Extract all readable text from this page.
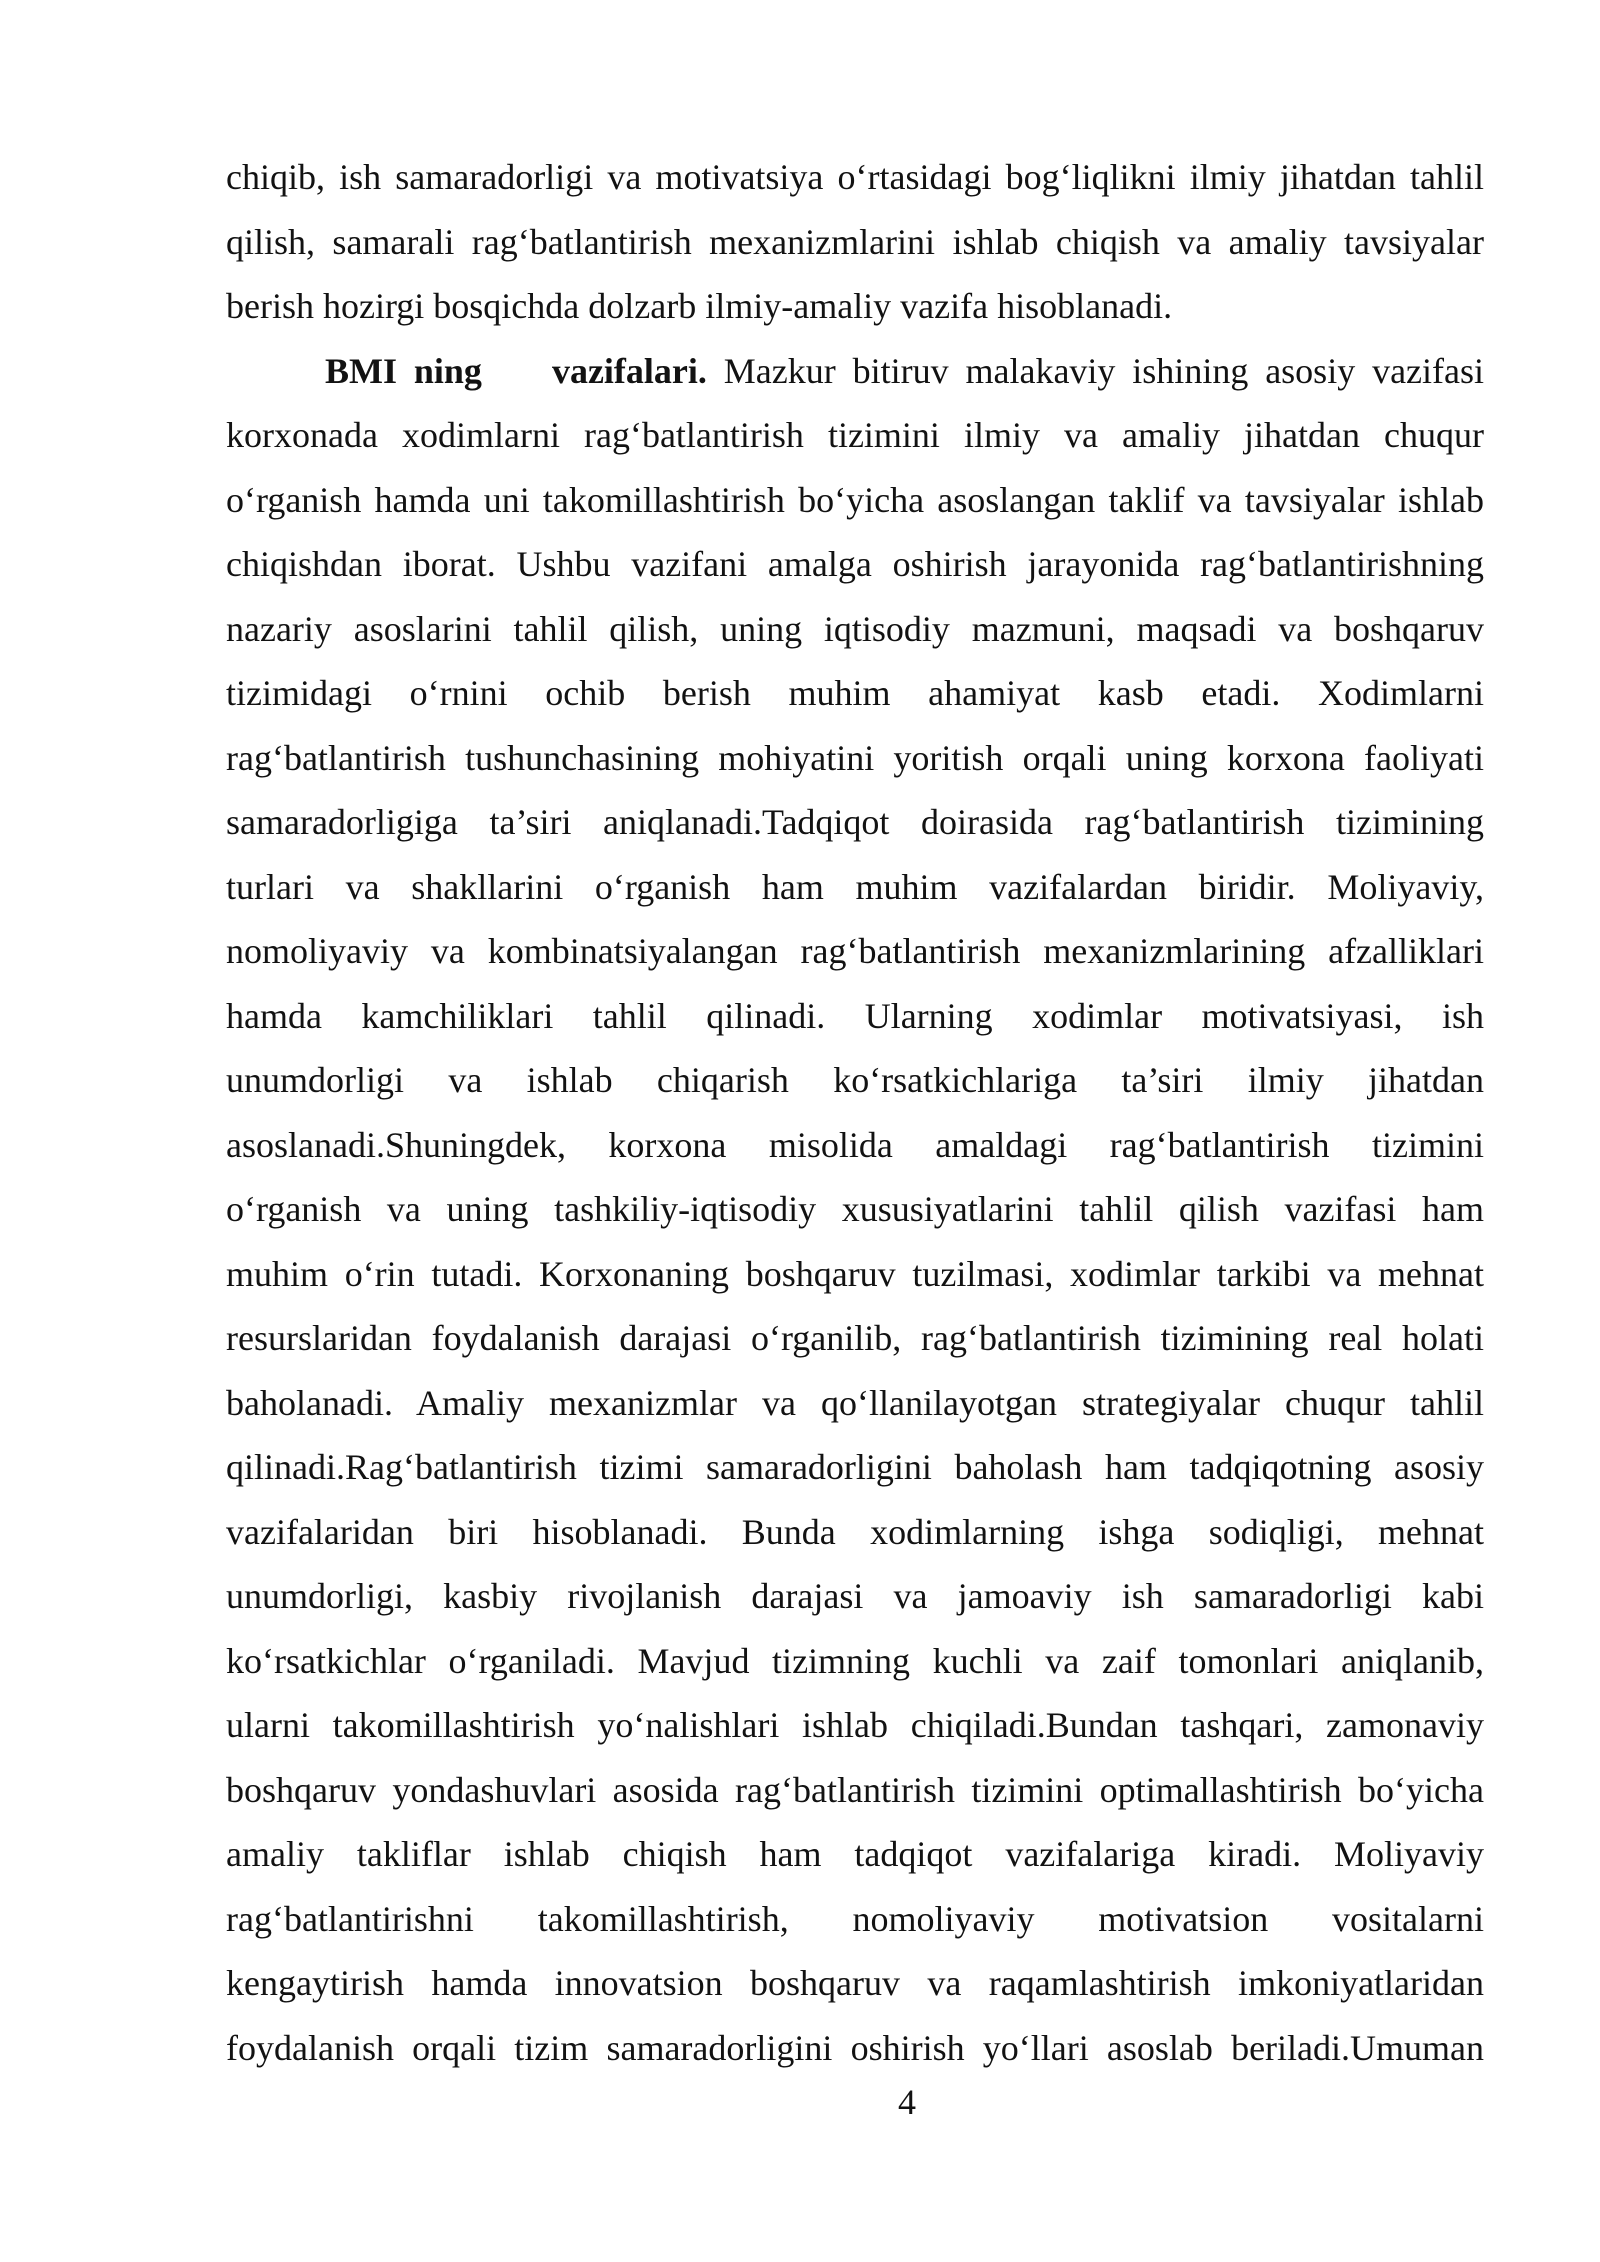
chiqib, ish samaradorligi va motivatsiya o‘rtasidagi bog‘liqlikni ilmiy jihatdan tahlil
qilish, samarali rag‘batlantirish mexanizmlarini ishlab chiqish va amaliy tavsiyalar
berish hozirgi bosqichda dolzarb ilmiy-amaliy vazifa hisoblanadi.
BMI ning vazifalari. Mazkur bitiruv malakaviy ishining asosiy vazifasi
korxonada xodimlarni rag‘batlantirish tizimini ilmiy va amaliy jihatdan chuqur
o‘rganish hamda uni takomillashtirish bo‘yicha asoslangan taklif va tavsiyalar ishlab
chiqishdan iborat. Ushbu vazifani amalga oshirish jarayonida rag‘batlantirishning
nazariy asoslarini tahlil qilish, uning iqtisodiy mazmuni, maqsadi va boshqaruv
tizimidagi o‘rnini ochib berish muhim ahamiyat kasb etadi. Xodimlarni
rag‘batlantirish tushunchasining mohiyatini yoritish orqali uning korxona faoliyati
samaradorligiga ta’siri aniqlanadi.Tadqiqot doirasida rag‘batlantirish tizimining
turlari va shakllarini o‘rganish ham muhim vazifalardan biridir. Moliyaviy,
nomoliyaviy va kombinatsiyalangan rag‘batlantirish mexanizmlarining afzalliklari
hamda kamchiliklari tahlil qilinadi. Ularning xodimlar motivatsiyasi, ish
unumdorligi va ishlab chiqarish ko‘rsatkichlariga ta’siri ilmiy jihatdan
asoslanadi.Shuningdek, korxona misolida amaldagi rag‘batlantirish tizimini
o‘rganish va uning tashkiliy-iqtisodiy xususiyatlarini tahlil qilish vazifasi ham
muhim o‘rin tutadi. Korxonaning boshqaruv tuzilmasi, xodimlar tarkibi va mehnat
resurslaridan foydalanish darajasi o‘rganilib, rag‘batlantirish tizimining real holati
baholanadi. Amaliy mexanizmlar va qo‘llanilayotgan strategiyalar chuqur tahlil
qilinadi.Rag‘batlantirish tizimi samaradorligini baholash ham tadqiqotning asosiy
vazifalaridan biri hisoblanadi. Bunda xodimlarning ishga sodiqligi, mehnat
unumdorligi, kasbiy rivojlanish darajasi va jamoaviy ish samaradorligi kabi
ko‘rsatkichlar o‘rganiladi. Mavjud tizimning kuchli va zaif tomonlari aniqlanib,
ularni takomillashtirish yo‘nalishlari ishlab chiqiladi.Bundan tashqari, zamonaviy
boshqaruv yondashuvlari asosida rag‘batlantirish tizimini optimallashtirish bo‘yicha
amaliy takliflar ishlab chiqish ham tadqiqot vazifalariga kiradi. Moliyaviy
rag‘batlantirishni takomillashtirish, nomoliyaviy motivatsion vositalarni
kengaytirish hamda innovatsion boshqaruv va raqamlashtirish imkoniyatlaridan
foydalanish orqali tizim samaradorligini oshirish yo‘llari asoslab beriladi.Umuman
4
